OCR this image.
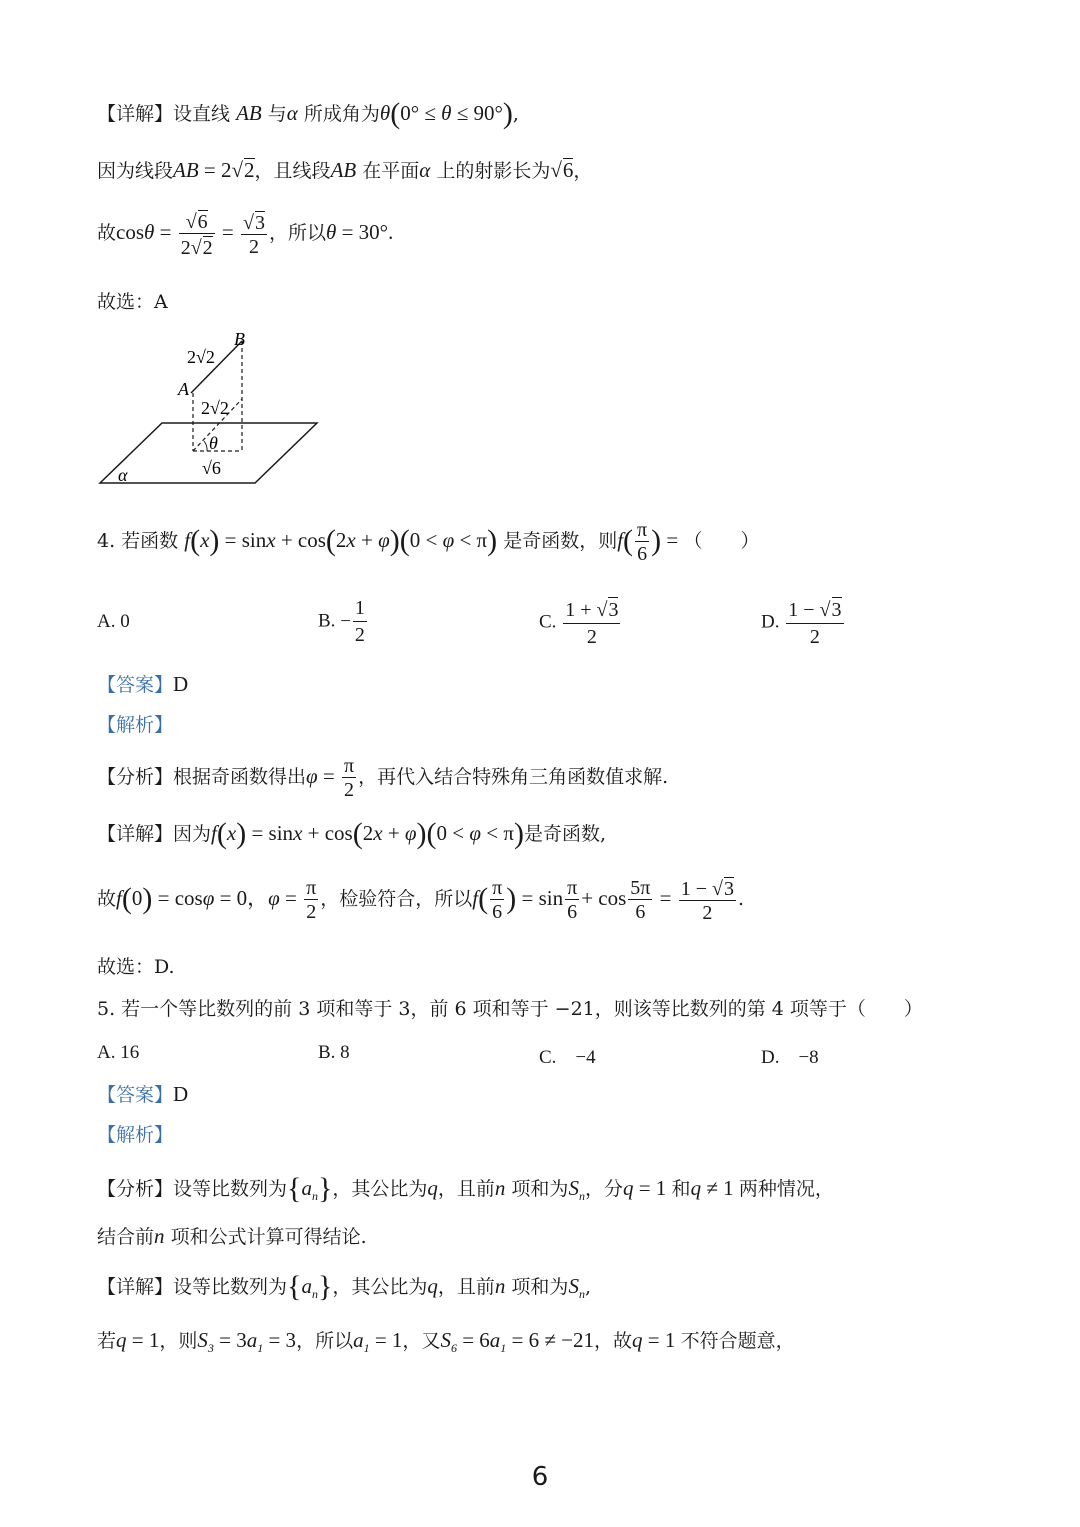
【详解】设直线 AB 与α 所成角为θ(0° ≤ θ ≤ 90°),
因为线段AB = 2√2，且线段AB 在平面α 上的射影长为√6，
故$\cos\theta = \frac{√6}{2√2} = \frac{√3}{2}$ ，所以θ = 30°.
故选：A
2√2
B
A
2√2
θ
√6
α
4. 若函数 f(x) = sinx + cos(2x + φ)(0 < φ < π) 是奇函数，则$f( \frac{\pi}{6}$ ) = （　　）
A. 0	B. − $\frac{1}{2}$	C. $\frac{1 + √3}{2}$	D. $\frac{1 - √3}{2}$
【答案】D
【解析】
【分析】根据奇函数得出$\varphi = \frac{\pi}{2}$ ，再代入结合特殊角三角函数值求解.
【详解】因为f(x) = sinx + cos(2x + φ)(0 < φ < π)是奇函数,
故f(0) = cosφ = 0，$\varphi = \frac{\pi}{2}$ ，检验符合，所以$f( \frac{\pi}{6}$ ) = $\sin \frac{\pi}{6} + \cos \frac{5\pi}{6} = \frac{1 - √3}{2}$ .
故选：D.
5. 若一个等比数列的前 3 项和等于 3，前 6 项和等于 −21，则该等比数列的第 4 项等于（　　）
A. 16	B. 8	C.　−4	D.　−8
【答案】D
【解析】
【分析】设等比数列为$\{a_n\}$，其公比为q，且前n 项和为$S_n$，分q = 1 和q ≠ 1 两种情况，
结合前n 项和公式计算可得结论.
【详解】设等比数列为$\{a_n\}$，其公比为q，且前n 项和为$S_n$,
若q = 1，则$S_3 = 3a_1 = 3$，所以$a_1 = 1$，又$S_6 = 6a_1 = 6 \ne -21$，故q = 1 不符合题意，
6
